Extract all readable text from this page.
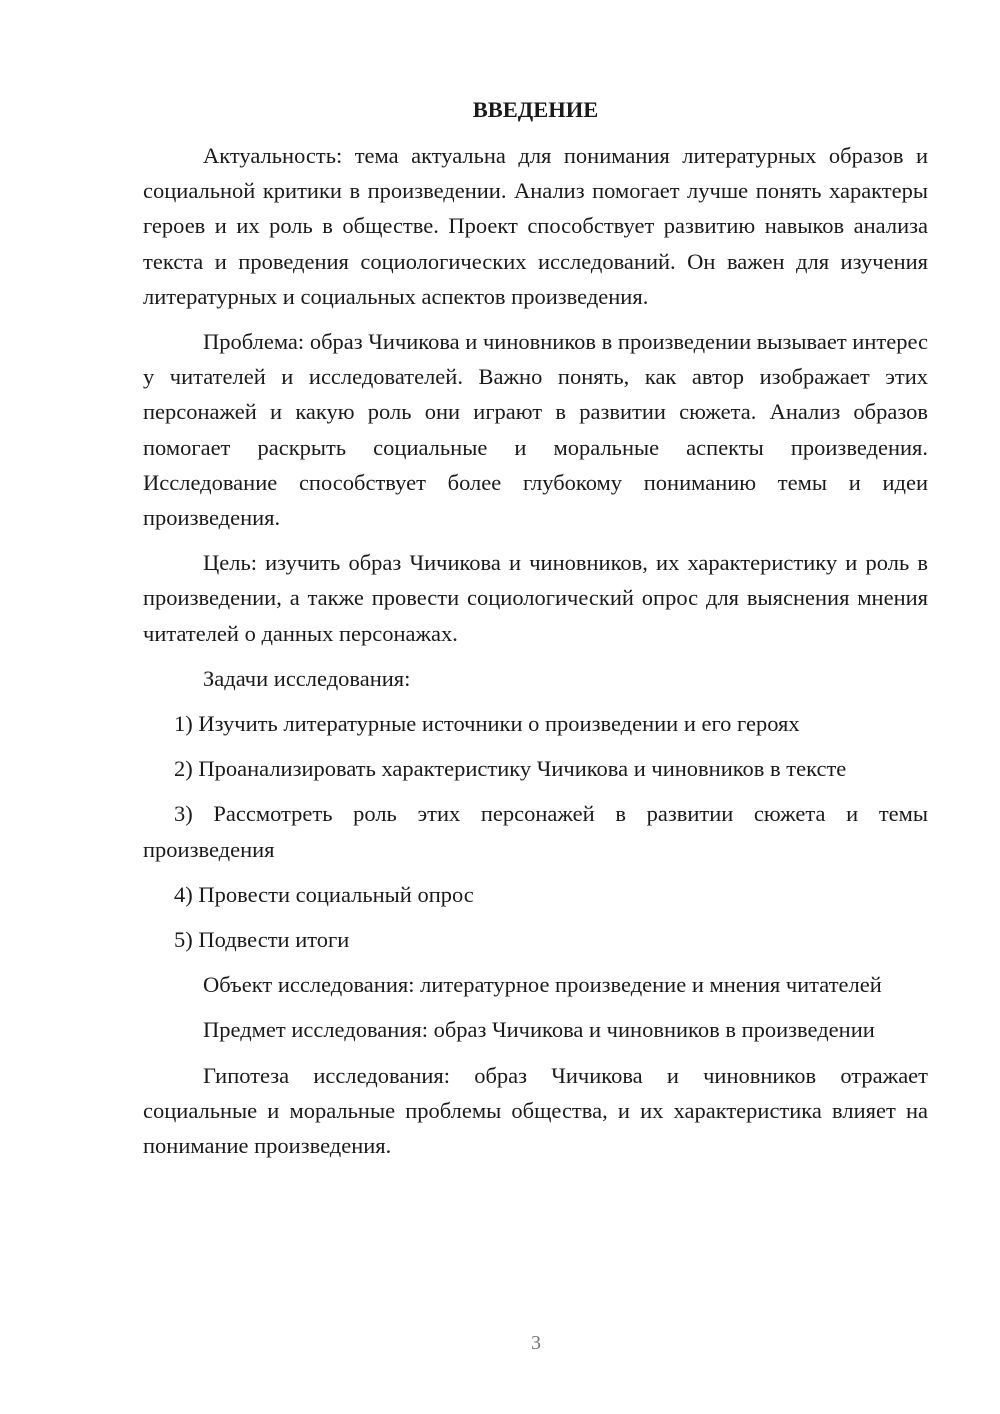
ВВЕДЕНИЕ

Актуальность: тема актуальна для понимания литературных образов и социальной критики в произведении. Анализ помогает лучше понять характеры героев и их роль в обществе. Проект способствует развитию навыков анализа текста и проведения социологических исследований. Он важен для изучения литературных и социальных аспектов произведения.

Проблема: образ Чичикова и чиновников в произведении вызывает интерес у читателей и исследователей. Важно понять, как автор изображает этих персонажей и какую роль они играют в развитии сюжета. Анализ образов помогает раскрыть социальные и моральные аспекты произведения. Исследование способствует более глубокому пониманию темы и идеи произведения.

Цель: изучить образ Чичикова и чиновников, их характеристику и роль в произведении, а также провести социологический опрос для выяснения мнения читателей о данных персонажах.

Задачи исследования:

1) Изучить литературные источники о произведении и его героях

2) Проанализировать характеристику Чичикова и чиновников в тексте

3) Рассмотреть роль этих персонажей в развитии сюжета и темы произведения

4) Провести социальный опрос

5) Подвести итоги

Объект исследования: литературное произведение и мнения читателей

Предмет исследования: образ Чичикова и чиновников в произведении

Гипотеза исследования: образ Чичикова и чиновников отражает социальные и моральные проблемы общества, и их характеристика влияет на понимание произведения.

3
